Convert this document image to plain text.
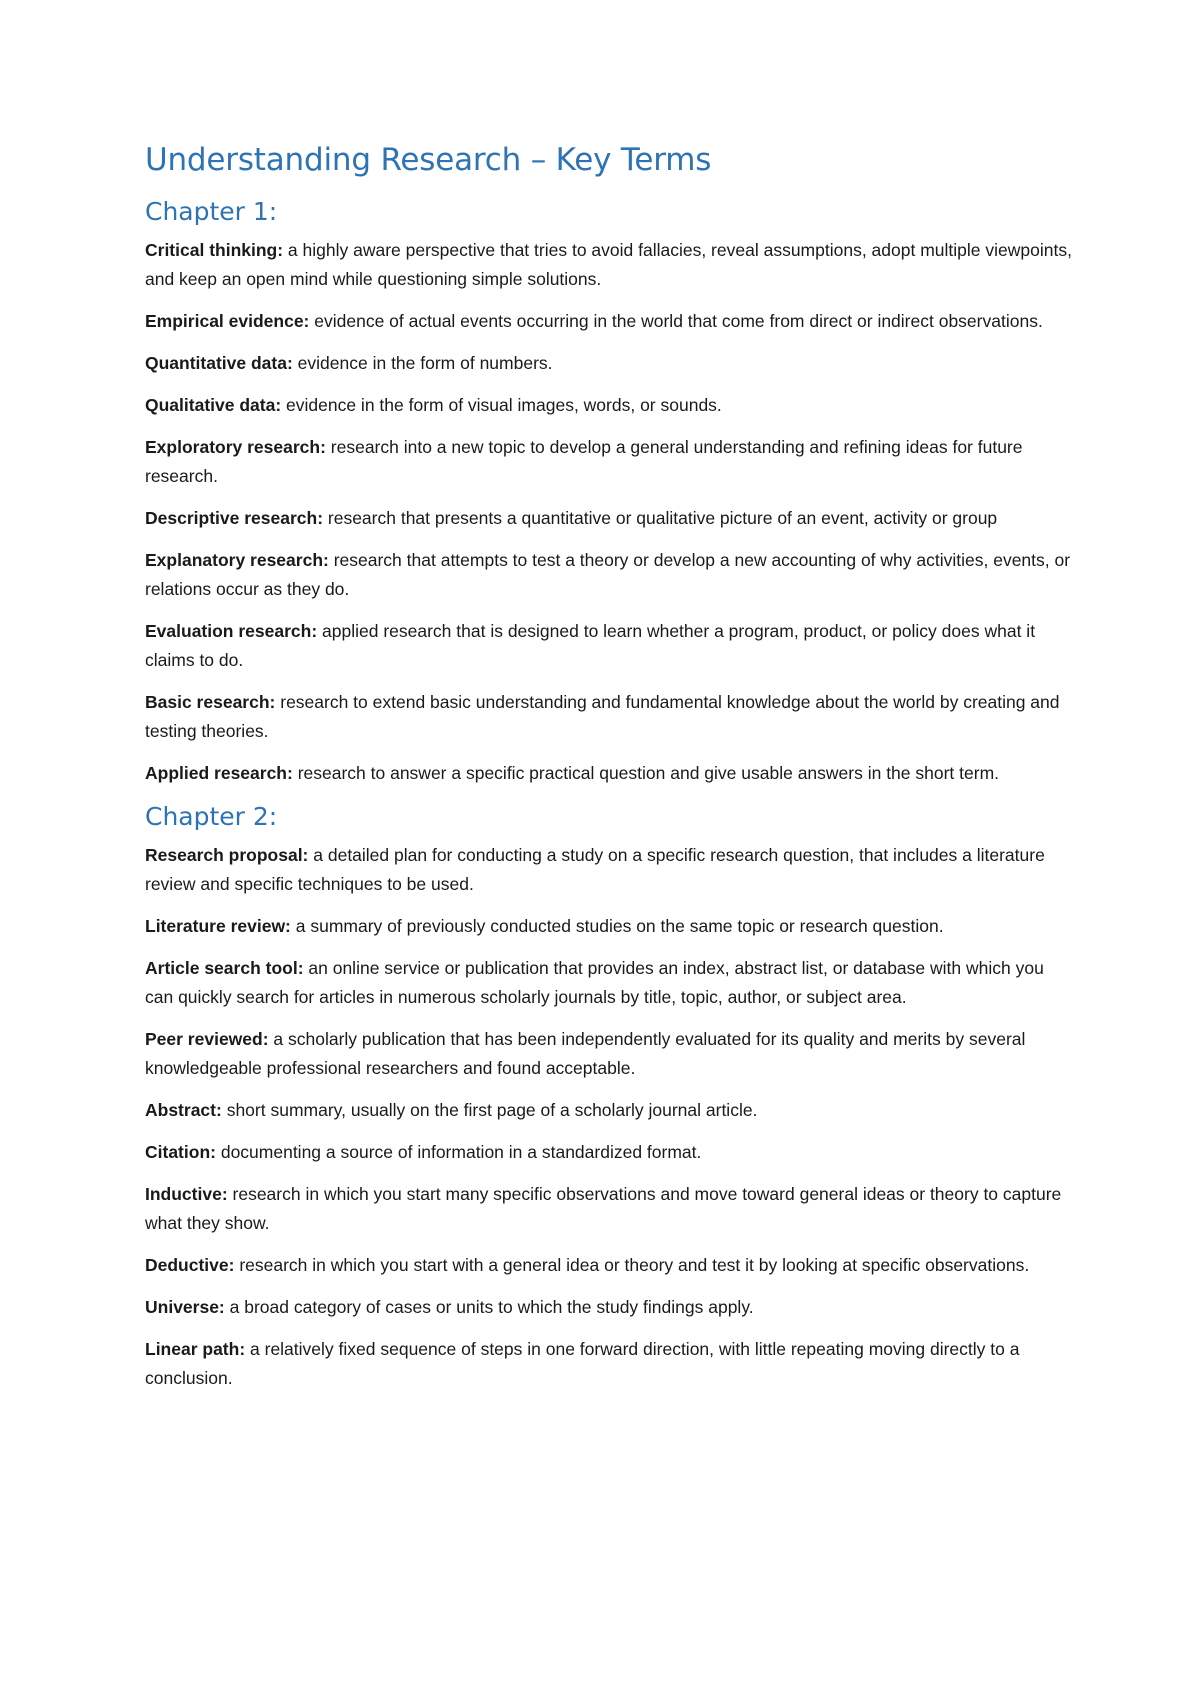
Understanding Research – Key Terms
Chapter 1:

Critical thinking: a highly aware perspective that tries to avoid fallacies, reveal assumptions, adopt multiple viewpoints, and keep an open mind while questioning simple solutions.

Empirical evidence: evidence of actual events occurring in the world that come from direct or indirect observations.

Quantitative data: evidence in the form of numbers.

Qualitative data: evidence in the form of visual images, words, or sounds.

Exploratory research: research into a new topic to develop a general understanding and refining ideas for future research.

Descriptive research: research that presents a quantitative or qualitative picture of an event, activity or group

Explanatory research: research that attempts to test a theory or develop a new accounting of why activities, events, or relations occur as they do.

Evaluation research: applied research that is designed to learn whether a program, product, or policy does what it claims to do.

Basic research: research to extend basic understanding and fundamental knowledge about the world by creating and testing theories.

Applied research: research to answer a specific practical question and give usable answers in the short term.

Chapter 2:

Research proposal: a detailed plan for conducting a study on a specific research question, that includes a literature review and specific techniques to be used.

Literature review: a summary of previously conducted studies on the same topic or research question.

Article search tool: an online service or publication that provides an index, abstract list, or database with which you can quickly search for articles in numerous scholarly journals by title, topic, author, or subject area.

Peer reviewed: a scholarly publication that has been independently evaluated for its quality and merits by several knowledgeable professional researchers and found acceptable.

Abstract: short summary, usually on the first page of a scholarly journal article.

Citation: documenting a source of information in a standardized format.

Inductive: research in which you start many specific observations and move toward general ideas or theory to capture what they show.

Deductive: research in which you start with a general idea or theory and test it by looking at specific observations.

Universe: a broad category of cases or units to which the study findings apply.

Linear path: a relatively fixed sequence of steps in one forward direction, with little repeating moving directly to a conclusion.
